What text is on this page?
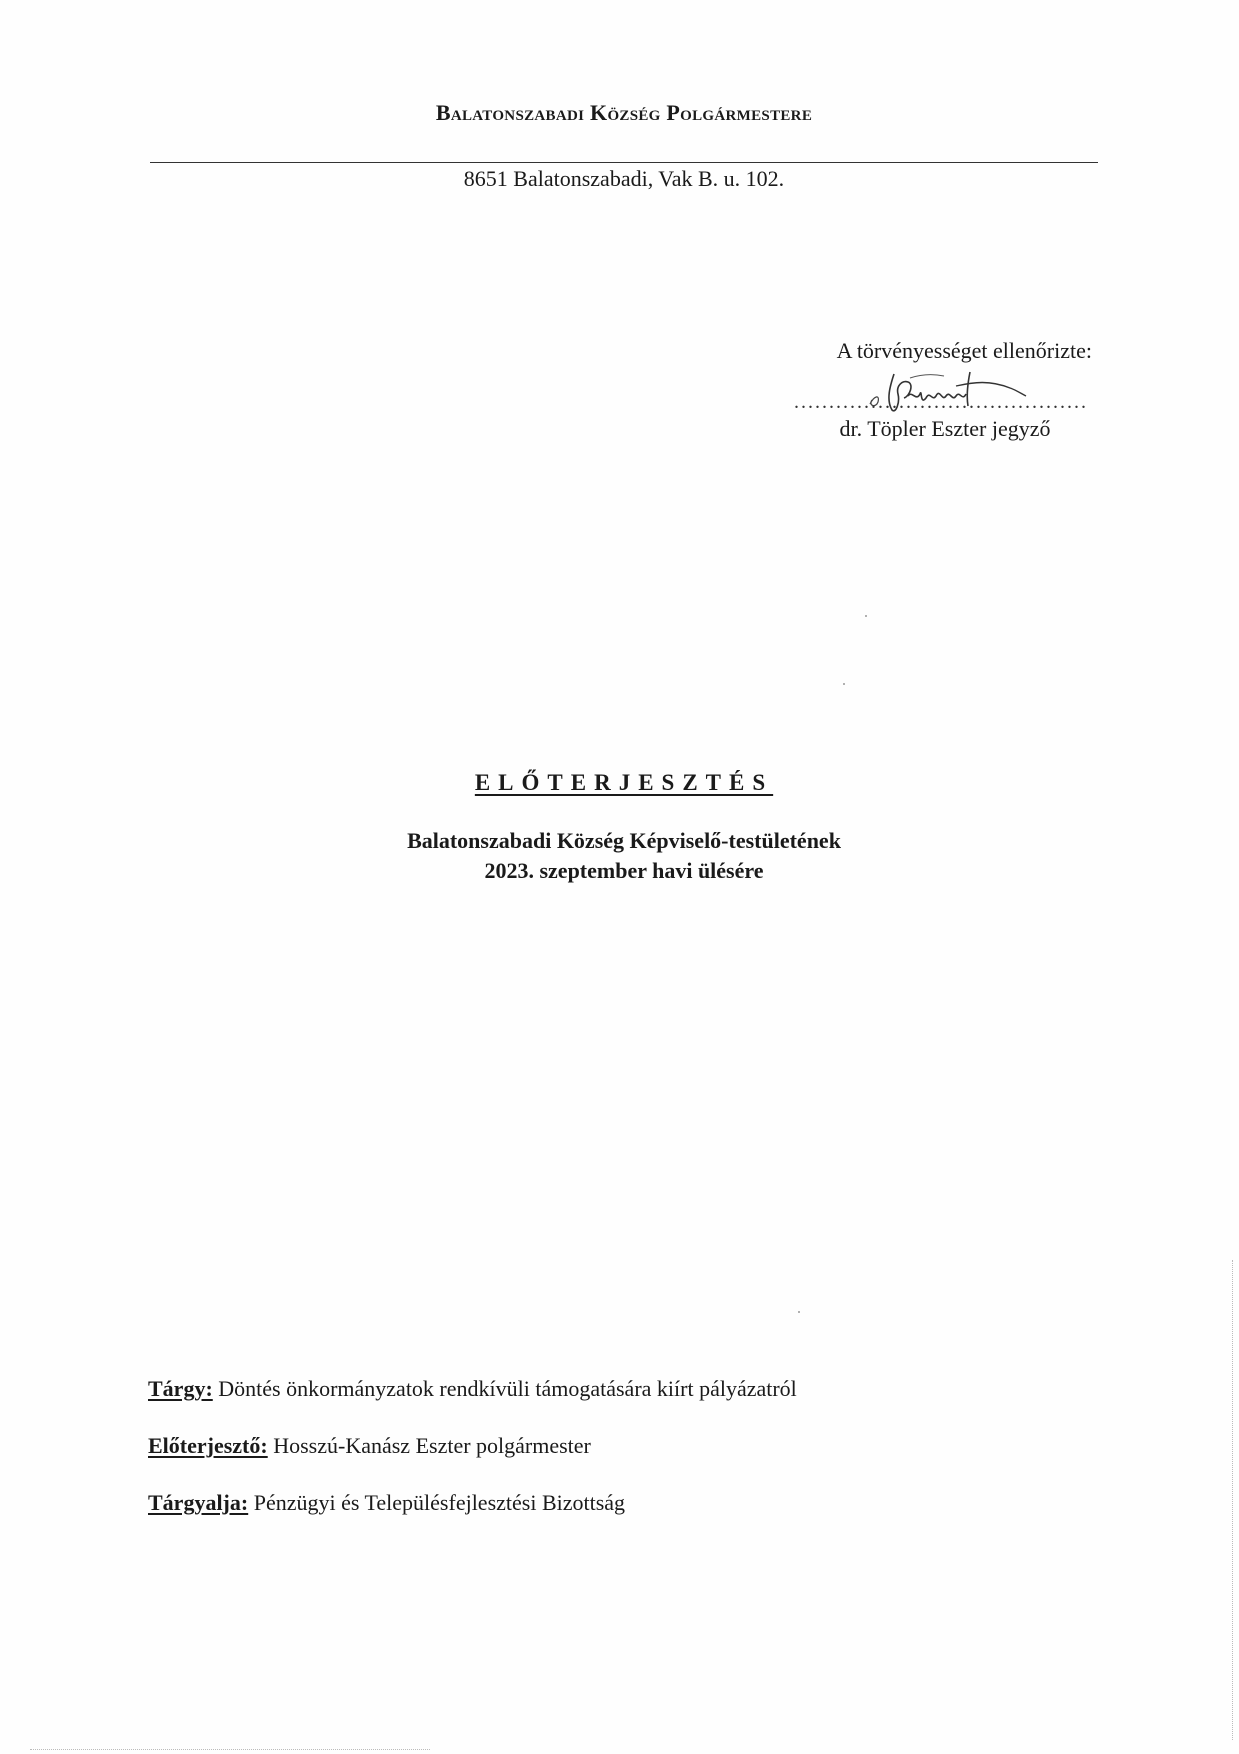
Balatonszabadi Község Polgármestere
8651 Balatonszabadi, Vak B. u. 102.
A törvényességet ellenőrizte:
..........................................
dr. Töpler Eszter jegyző
ELŐTERJESZTÉS
Balatonszabadi Község Képviselő-testületének
2023. szeptember havi ülésére
Tárgy: Döntés önkormányzatok rendkívüli támogatására kiírt pályázatról
Előterjesztő: Hosszú-Kanász Eszter polgármester
Tárgyalja: Pénzügyi és Településfejlesztési Bizottság
